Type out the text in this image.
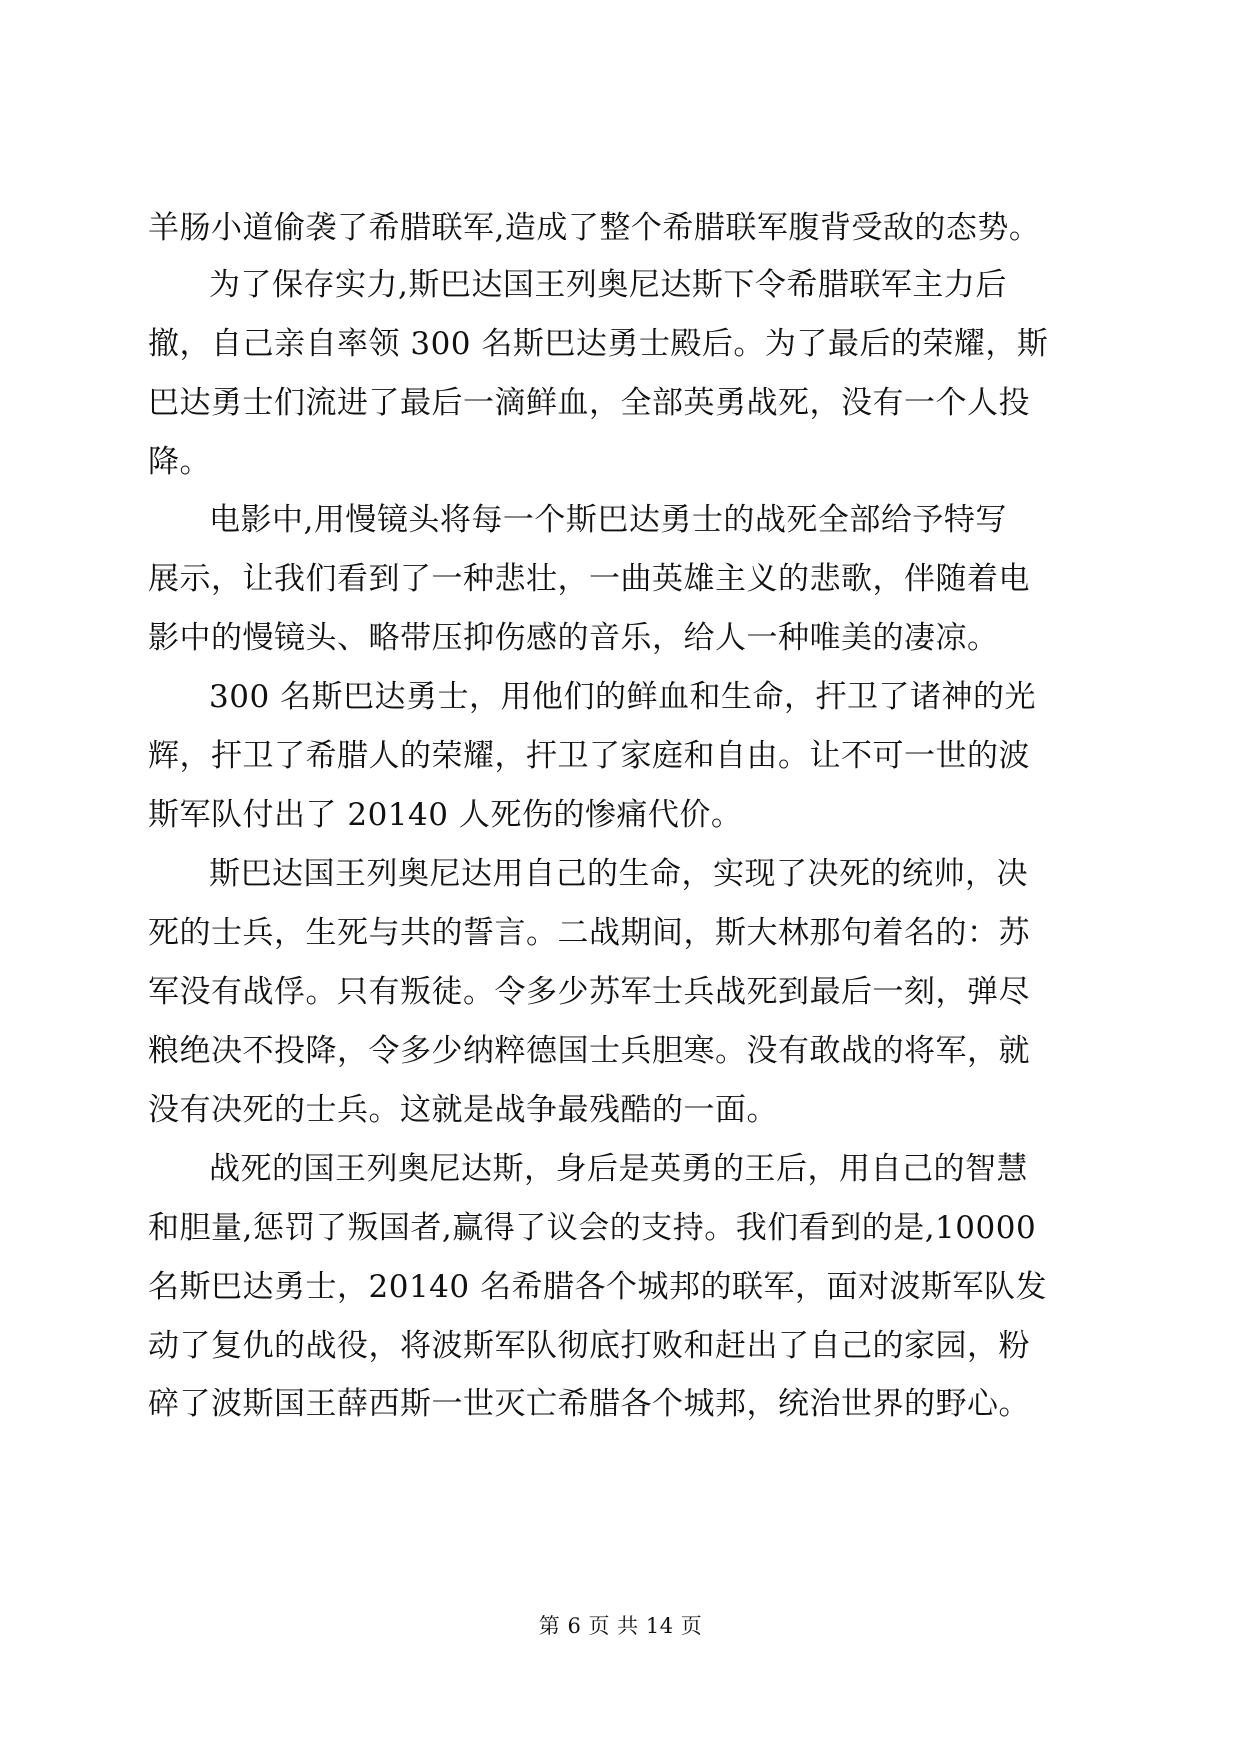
羊肠小道偷袭了希腊联军,造成了整个希腊联军腹背受敌的态势。
为了保存实力,斯巴达国王列奥尼达斯下令希腊联军主力后
撤，自己亲自率领 300 名斯巴达勇士殿后。为了最后的荣耀，斯
巴达勇士们流进了最后一滴鲜血，全部英勇战死，没有一个人投
降。
电影中,用慢镜头将每一个斯巴达勇士的战死全部给予特写
展示，让我们看到了一种悲壮，一曲英雄主义的悲歌，伴随着电
影中的慢镜头、略带压抑伤感的音乐，给人一种唯美的凄凉。
300 名斯巴达勇士，用他们的鲜血和生命，扞卫了诸神的光
辉，扞卫了希腊人的荣耀，扞卫了家庭和自由。让不可一世的波
斯军队付出了 20140 人死伤的惨痛代价。
斯巴达国王列奥尼达用自己的生命，实现了决死的统帅，决
死的士兵，生死与共的誓言。二战期间，斯大林那句着名的：苏
军没有战俘。只有叛徒。令多少苏军士兵战死到最后一刻，弹尽
粮绝决不投降，令多少纳粹德国士兵胆寒。没有敢战的将军，就
没有决死的士兵。这就是战争最残酷的一面。
战死的国王列奥尼达斯，身后是英勇的王后，用自己的智慧
和胆量,惩罚了叛国者,赢得了议会的支持。我们看到的是,10000
名斯巴达勇士，20140 名希腊各个城邦的联军，面对波斯军队发
动了复仇的战役，将波斯军队彻底打败和赶出了自己的家园，粉
碎了波斯国王薛西斯一世灭亡希腊各个城邦，统治世界的野心。
第 6 页 共 14 页
